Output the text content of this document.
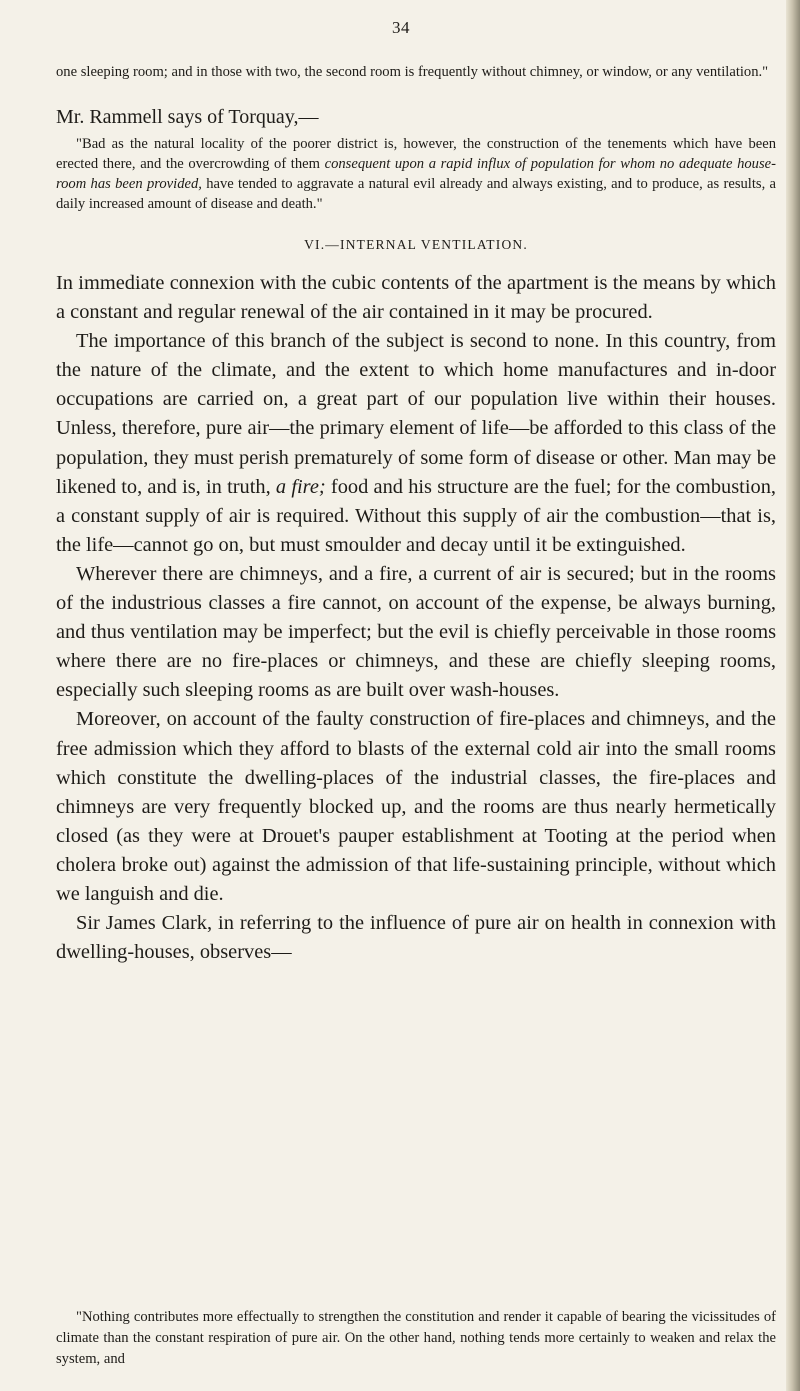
34

one sleeping room; and in those with two, the second room is frequently without chimney, or window, or any ventilation."

Mr. Rammell says of Torquay,—

"Bad as the natural locality of the poorer district is, however, the construction of the tenements which have been erected there, and the overcrowding of them consequent upon a rapid influx of population for whom no adequate house-room has been provided, have tended to aggravate a natural evil already and always existing, and to produce, as results, a daily increased amount of disease and death."

VI.—INTERNAL VENTILATION.

In immediate connexion with the cubic contents of the apartment is the means by which a constant and regular renewal of the air contained in it may be procured.

The importance of this branch of the subject is second to none. In this country, from the nature of the climate, and the extent to which home manufactures and in-door occupations are carried on, a great part of our population live within their houses. Unless, therefore, pure air—the primary element of life—be afforded to this class of the population, they must perish prematurely of some form of disease or other. Man may be likened to, and is, in truth, a fire; food and his structure are the fuel; for the combustion, a constant supply of air is required. Without this supply of air the combustion—that is, the life—cannot go on, but must smoulder and decay until it be extinguished.

Wherever there are chimneys, and a fire, a current of air is secured; but in the rooms of the industrious classes a fire cannot, on account of the expense, be always burning, and thus ventilation may be imperfect; but the evil is chiefly perceivable in those rooms where there are no fire-places or chimneys, and these are chiefly sleeping rooms, especially such sleeping rooms as are built over wash-houses.

Moreover, on account of the faulty construction of fire-places and chimneys, and the free admission which they afford to blasts of the external cold air into the small rooms which constitute the dwelling-places of the industrial classes, the fire-places and chimneys are very frequently blocked up, and the rooms are thus nearly hermetically closed (as they were at Drouet's pauper establishment at Tooting at the period when cholera broke out) against the admission of that life-sustaining principle, without which we languish and die.

Sir James Clark, in referring to the influence of pure air on health in connexion with dwelling-houses, observes—

"Nothing contributes more effectually to strengthen the constitution and render it capable of bearing the vicissitudes of climate than the constant respiration of pure air. On the other hand, nothing tends more certainly to weaken and relax the system, and
